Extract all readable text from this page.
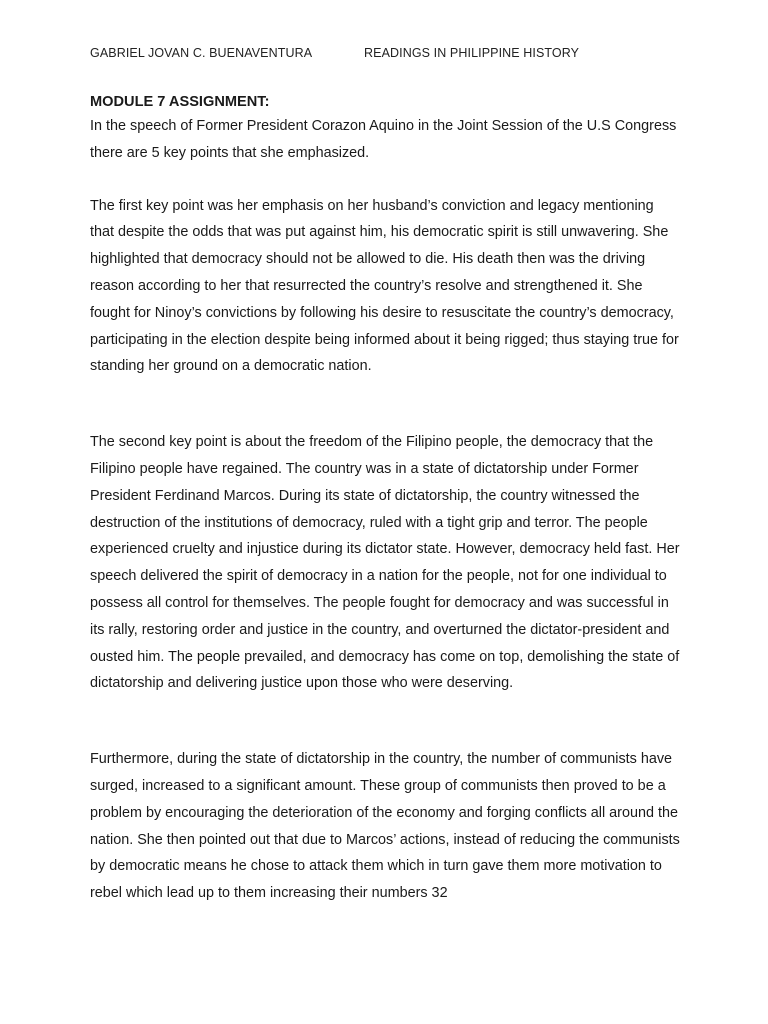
GABRIEL JOVAN C. BUENAVENTURA	READINGS IN PHILIPPINE HISTORY

MODULE 7 ASSIGNMENT:

In the speech of Former President Corazon Aquino in the Joint Session of the U.S Congress there are 5 key points that she emphasized.

The first key point was her emphasis on her husband’s conviction and legacy mentioning that despite the odds that was put against him, his democratic spirit is still unwavering. She highlighted that democracy should not be allowed to die. His death then was the driving reason according to her that resurrected the country’s resolve and strengthened it. She fought for Ninoy’s convictions by following his desire to resuscitate the country’s democracy, participating in the election despite being informed about it being rigged; thus staying true for standing her ground on a democratic nation.

The second key point is about the freedom of the Filipino people, the democracy that the Filipino people have regained. The country was in a state of dictatorship under Former President Ferdinand Marcos. During its state of dictatorship, the country witnessed the destruction of the institutions of democracy, ruled with a tight grip and terror. The people experienced cruelty and injustice during its dictator state. However, democracy held fast. Her speech delivered the spirit of democracy in a nation for the people, not for one individual to possess all control for themselves. The people fought for democracy and was successful in its rally, restoring order and justice in the country, and overturned the dictator-president and ousted him. The people prevailed, and democracy has come on top, demolishing the state of dictatorship and delivering justice upon those who were deserving.

Furthermore, during the state of dictatorship in the country, the number of communists have surged, increased to a significant amount. These group of communists then proved to be a problem by encouraging the deterioration of the economy and forging conflicts all around the nation. She then pointed out that due to Marcos’ actions, instead of reducing the communists by democratic means he chose to attack them which in turn gave them more motivation to rebel which lead up to them increasing their numbers 32
